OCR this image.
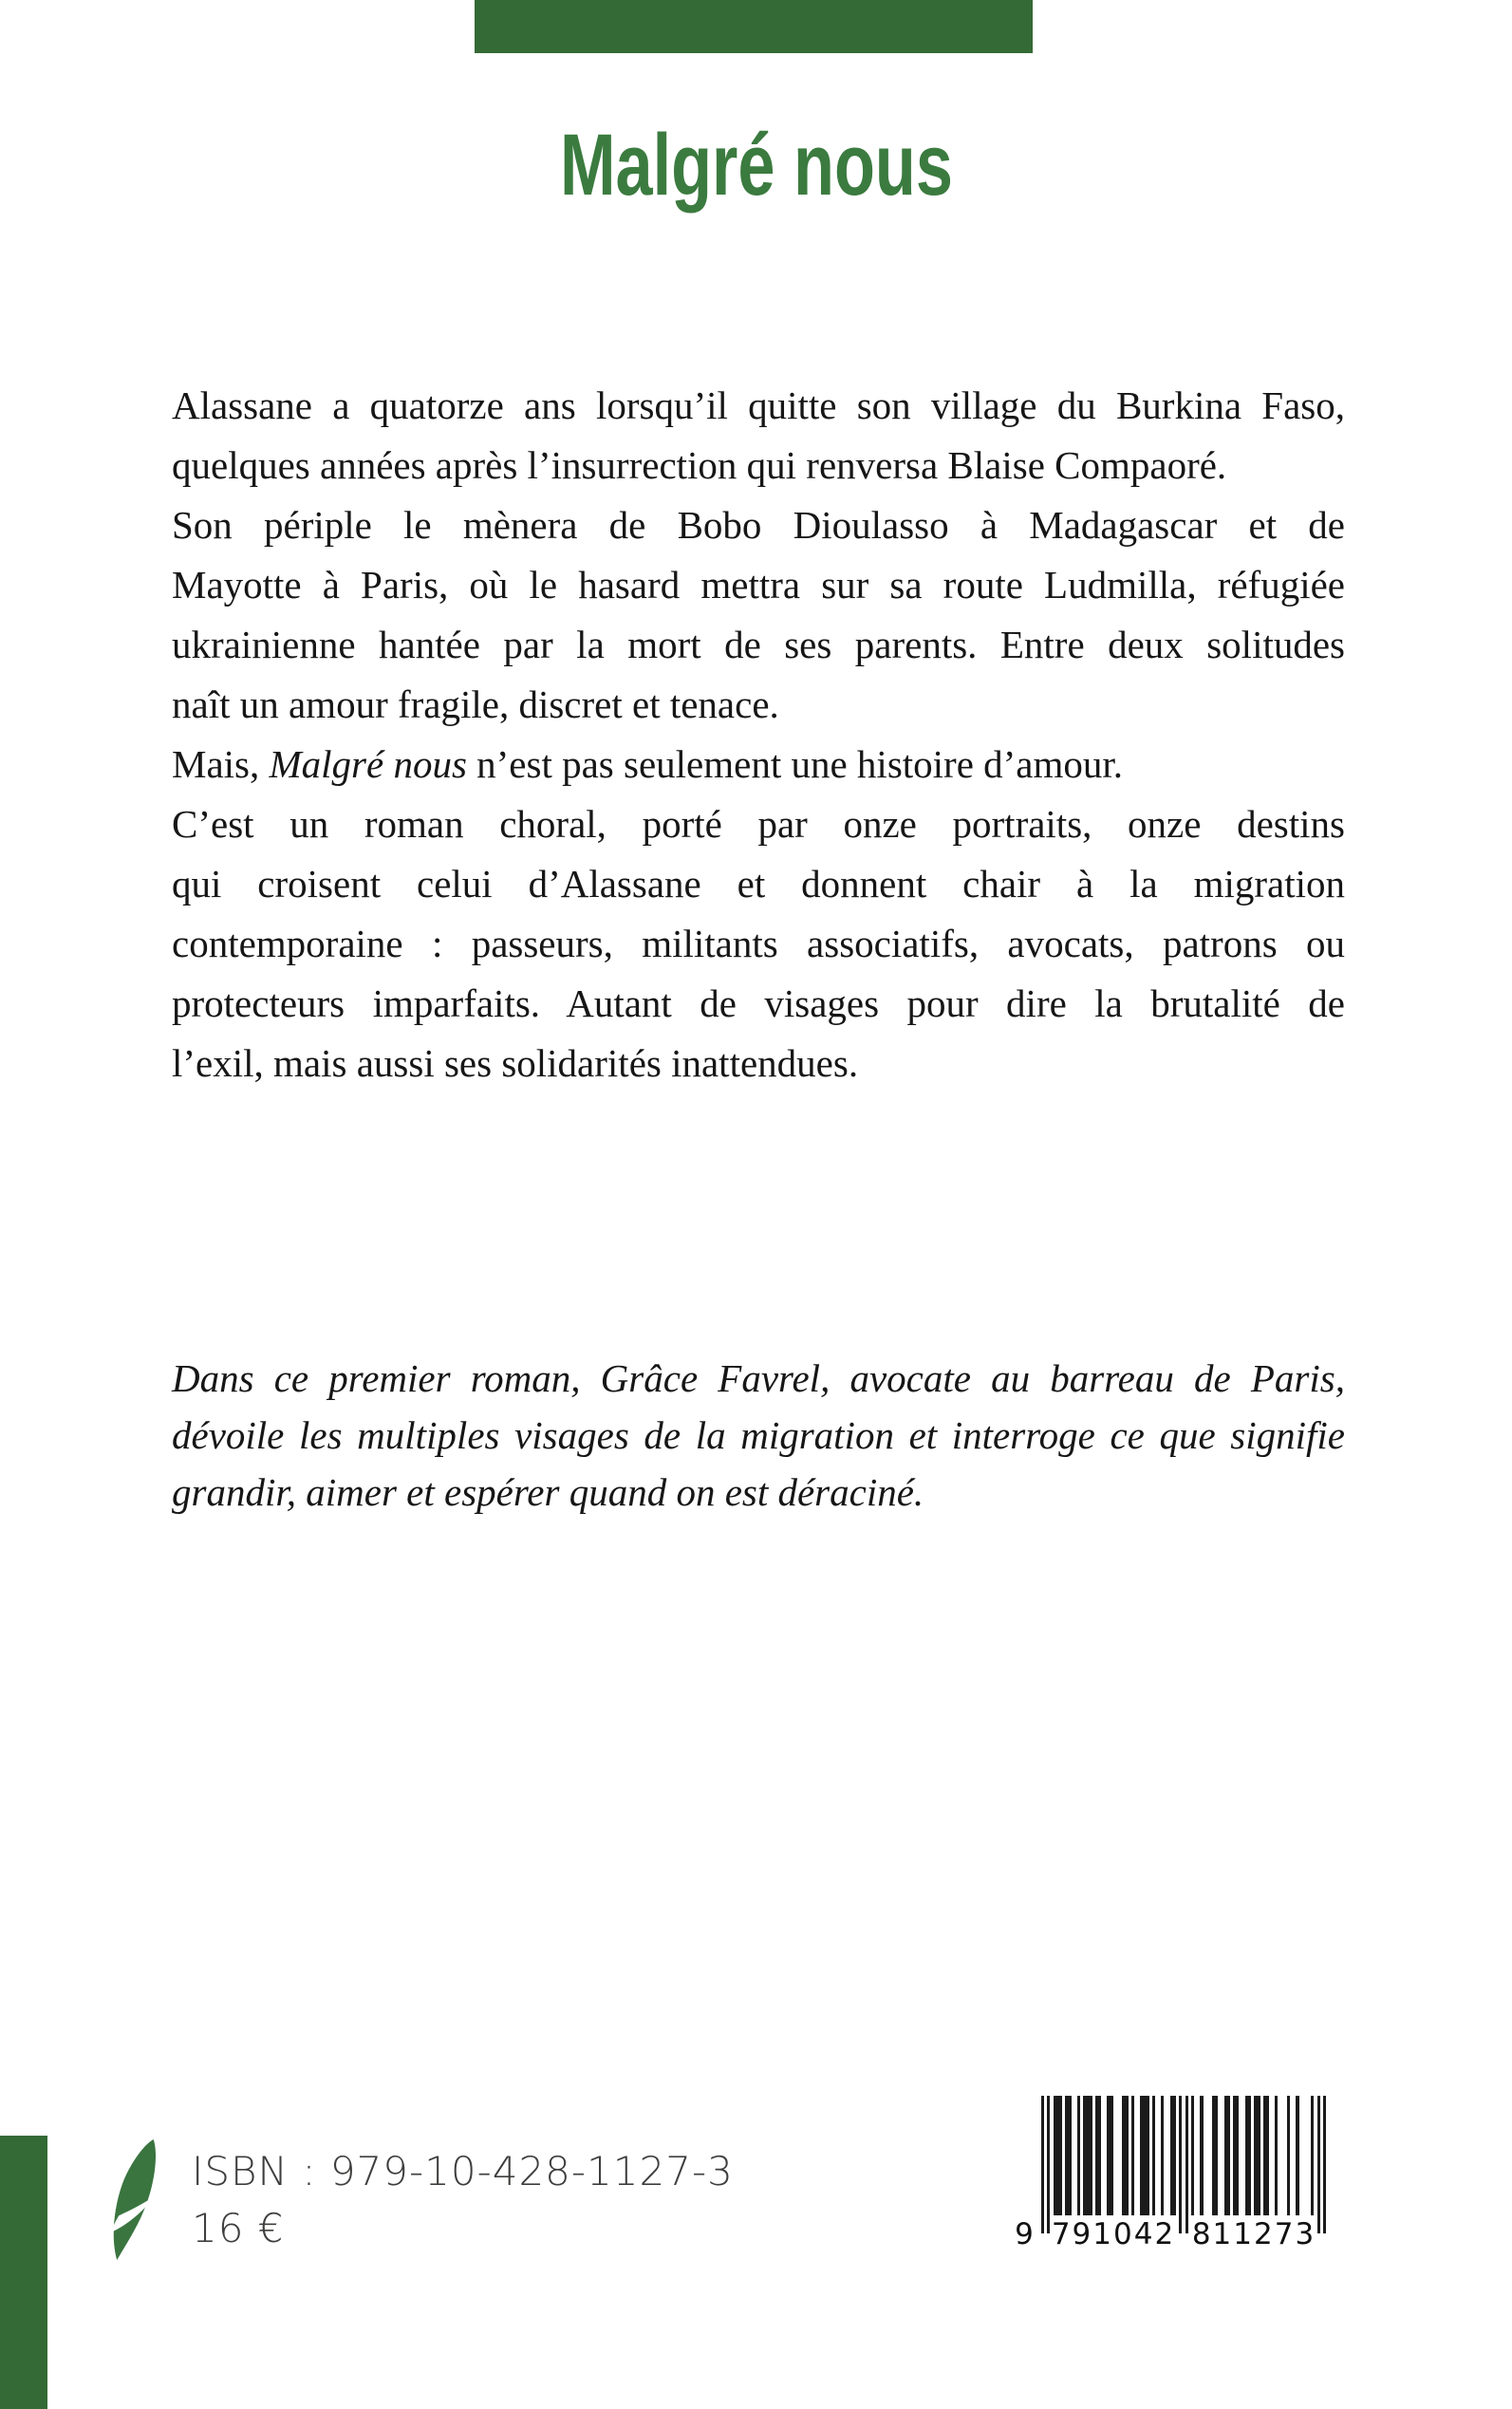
Malgré nous
Alassane a quatorze ans lorsqu’il quitte son village du Burkina Faso,
quelques années après l’insurrection qui renversa Blaise Compaoré.
Son périple le mènera de Bobo Dioulasso à Madagascar et de
Mayotte à Paris, où le hasard mettra sur sa route Ludmilla, réfugiée
ukrainienne hantée par la mort de ses parents. Entre deux solitudes
naît un amour fragile, discret et tenace.
Mais, Malgré nous n’est pas seulement une histoire d’amour.
C’est un roman choral, porté par onze portraits, onze destins
qui croisent celui d’Alassane et donnent chair à la migration
contemporaine : passeurs, militants associatifs, avocats, patrons ou
protecteurs imparfaits. Autant de visages pour dire la brutalité de
l’exil, mais aussi ses solidarités inattendues.
Dans ce premier roman, Grâce Favrel, avocate au barreau de Paris,
dévoile les multiples visages de la migration et interroge ce que signifie
grandir, aimer et espérer quand on est déraciné.
ISBN : 979-10-428-1127-3
16 €	9 791042 811273
